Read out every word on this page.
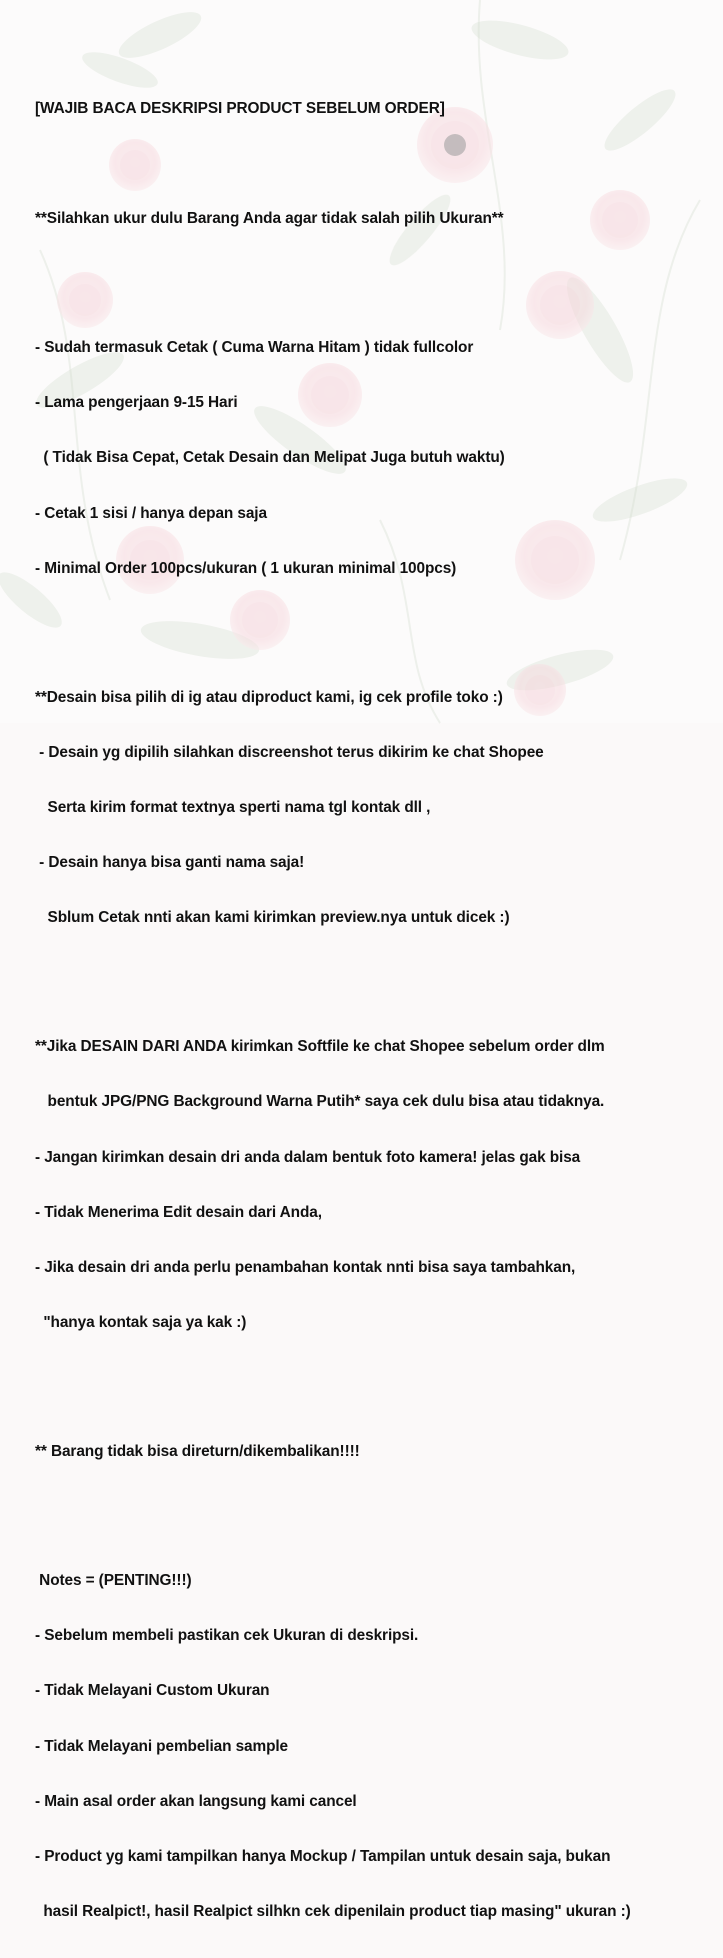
[WAJIB BACA DESKRIPSI PRODUCT SEBELUM ORDER]

**Silahkan ukur dulu Barang Anda agar tidak salah pilih Ukuran**

- Sudah termasuk Cetak ( Cuma Warna Hitam ) tidak fullcolor

- Lama pengerjaan 9-15 Hari

( Tidak Bisa Cepat, Cetak Desain dan Melipat Juga butuh waktu)

- Cetak 1 sisi / hanya depan saja

- Minimal Order 100pcs/ukuran ( 1 ukuran minimal 100pcs)

**Desain bisa pilih di ig atau diproduct kami, ig cek profile toko :)

- Desain yg dipilih silahkan discreenshot terus dikirim ke chat Shopee

Serta kirim format textnya sperti nama tgl kontak dll ,

- Desain hanya bisa ganti nama saja!

Sblum Cetak nnti akan kami kirimkan preview.nya untuk dicek :)

**Jika DESAIN DARI ANDA kirimkan Softfile ke chat Shopee sebelum order dlm

bentuk JPG/PNG Background Warna Putih* saya cek dulu bisa atau tidaknya.

- Jangan kirimkan desain dri anda dalam bentuk foto kamera! jelas gak bisa

- Tidak Menerima Edit desain dari Anda,

- Jika desain dri anda perlu penambahan kontak nnti bisa saya tambahkan,

"hanya kontak saja ya kak :)

** Barang tidak bisa direturn/dikembalikan!!!!

Notes = (PENTING!!!)

- Sebelum membeli pastikan cek Ukuran di deskripsi.

- Tidak Melayani Custom Ukuran

- Tidak Melayani pembelian sample

- Main asal order akan langsung kami cancel

- Product yg kami tampilkan hanya Mockup / Tampilan untuk desain saja, bukan

hasil Realpict!, hasil Realpict silhkn cek dipenilain product tiap masing" ukuran :)
